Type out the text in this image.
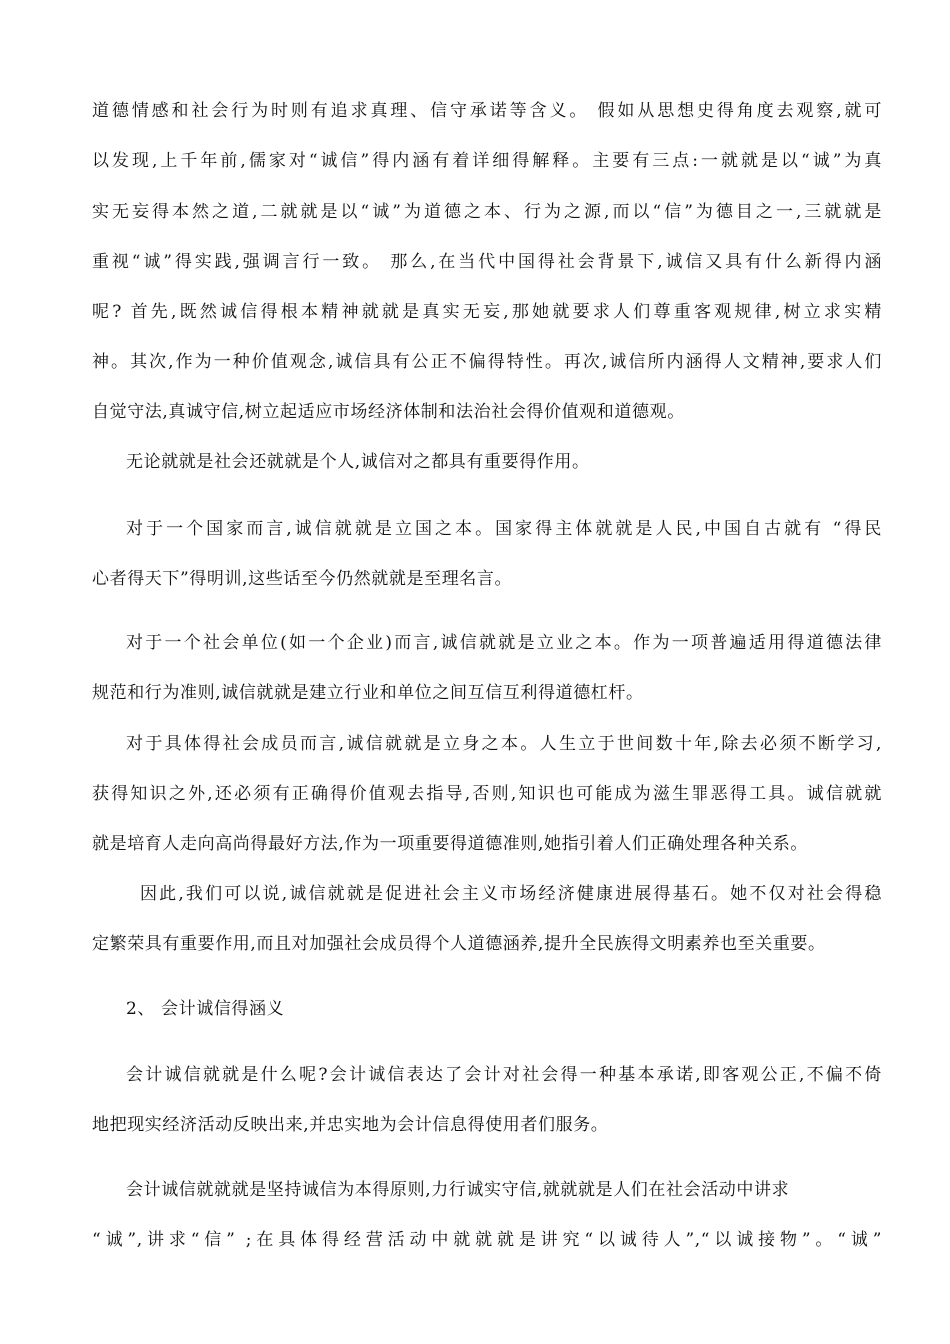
道德情感和社会行为时则有追求真理、信守承诺等含义。 假如从思想史得角度去观察,就可
以发现,上千年前,儒家对“诚信”得内涵有着详细得解释。主要有三点:一就就是以“诚”为真
实无妄得本然之道,二就就是以“诚”为道德之本、行为之源,而以“信”为德目之一,三就就是
重视“诚”得实践,强调言行一致。 那么,在当代中国得社会背景下,诚信又具有什么新得内涵
呢? 首先,既然诚信得根本精神就就是真实无妄,那她就要求人们尊重客观规律,树立求实精
神。其次,作为一种价值观念,诚信具有公正不偏得特性。再次,诚信所内涵得人文精神,要求人们
自觉守法,真诚守信,树立起适应市场经济体制和法治社会得价值观和道德观。
无论就就是社会还就就是个人,诚信对之都具有重要得作用。
对于一个国家而言,诚信就就是立国之本。国家得主体就就是人民,中国自古就有 “得民
心者得天下”得明训,这些话至今仍然就就是至理名言。
对于一个社会单位(如一个企业)而言,诚信就就是立业之本。作为一项普遍适用得道德法律
规范和行为准则,诚信就就是建立行业和单位之间互信互利得道德杠杆。
对于具体得社会成员而言,诚信就就是立身之本。人生立于世间数十年,除去必须不断学习,
获得知识之外,还必须有正确得价值观去指导,否则,知识也可能成为滋生罪恶得工具。诚信就就
就是培育人走向高尚得最好方法,作为一项重要得道德准则,她指引着人们正确处理各种关系。
因此,我们可以说,诚信就就是促进社会主义市场经济健康进展得基石。她不仅对社会得稳
定繁荣具有重要作用,而且对加强社会成员得个人道德涵养,提升全民族得文明素养也至关重要。
2、 会计诚信得涵义
会计诚信就就是什么呢?会计诚信表达了会计对社会得一种基本承诺,即客观公正,不偏不倚
地把现实经济活动反映出来,并忠实地为会计信息得使用者们服务。
会计诚信就就就是坚持诚信为本得原则,力行诚实守信,就就就是人们在社会活动中讲求
“诚”,讲求“信” ;在具体得经营活动中就就就是讲究“以诚待人”,“以诚接物”。“诚”
